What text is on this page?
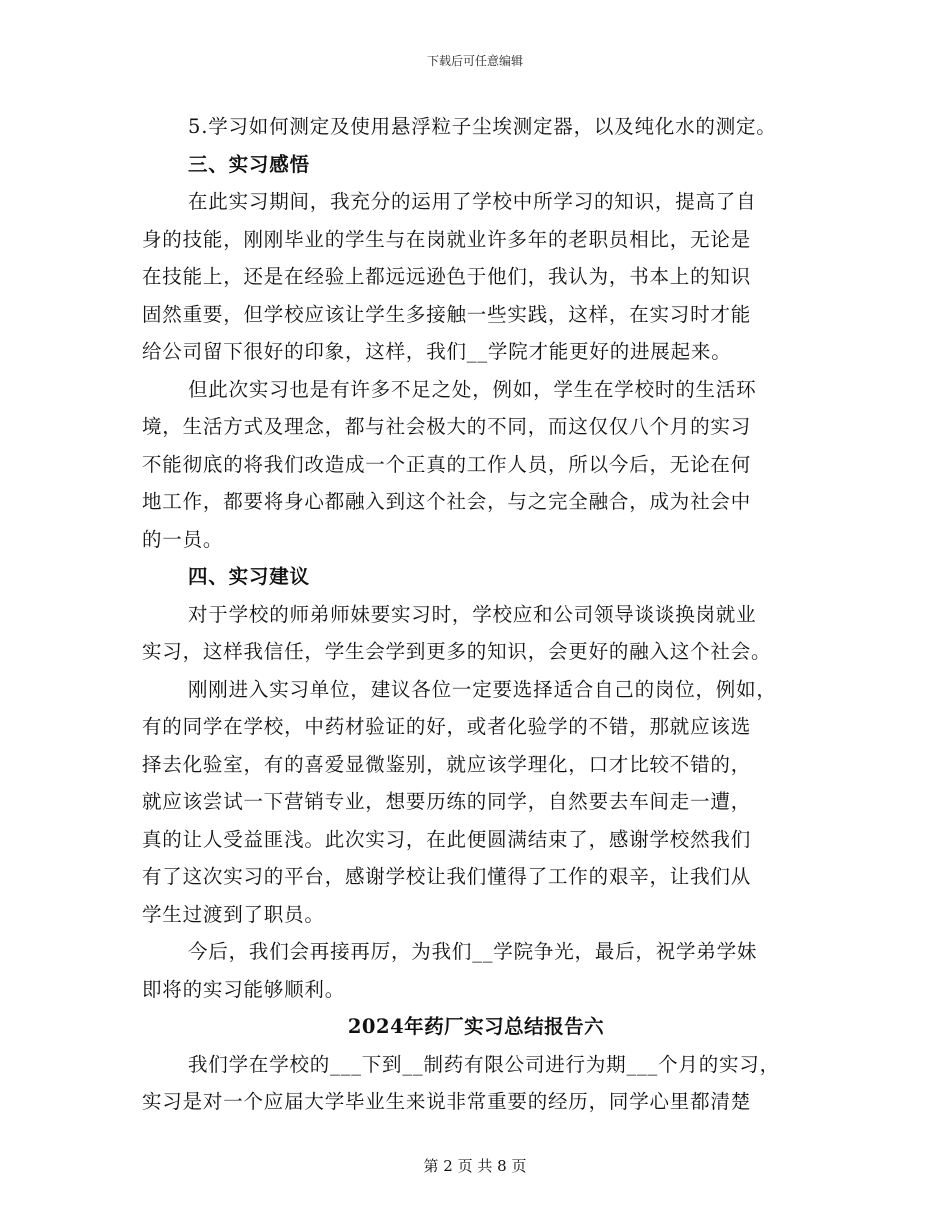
下载后可任意编辑
5.学习如何测定及使用悬浮粒子尘埃测定器，以及纯化水的测定。
三、实习感悟
在此实习期间，我充分的运用了学校中所学习的知识，提高了自
身的技能，刚刚毕业的学生与在岗就业许多年的老职员相比，无论是
在技能上，还是在经验上都远远逊色于他们，我认为，书本上的知识
固然重要，但学校应该让学生多接触一些实践，这样，在实习时才能
给公司留下很好的印象，这样，我们__学院才能更好的进展起来。
但此次实习也是有许多不足之处，例如，学生在学校时的生活环
境，生活方式及理念，都与社会极大的不同，而这仅仅八个月的实习
不能彻底的将我们改造成一个正真的工作人员，所以今后，无论在何
地工作，都要将身心都融入到这个社会，与之完全融合，成为社会中
的一员。
四、实习建议
对于学校的师弟师妹要实习时，学校应和公司领导谈谈换岗就业
实习，这样我信任，学生会学到更多的知识，会更好的融入这个社会。
刚刚进入实习单位，建议各位一定要选择适合自己的岗位，例如，
有的同学在学校，中药材验证的好，或者化验学的不错，那就应该选
择去化验室，有的喜爱显微鉴别，就应该学理化，口才比较不错的，
就应该尝试一下营销专业，想要历练的同学，自然要去车间走一遭，
真的让人受益匪浅。此次实习，在此便圆满结束了，感谢学校然我们
有了这次实习的平台，感谢学校让我们懂得了工作的艰辛，让我们从
学生过渡到了职员。
今后，我们会再接再厉，为我们__学院争光，最后，祝学弟学妹
即将的实习能够顺利。
2024年药厂实习总结报告六
我们学在学校的___下到__制药有限公司进行为期___个月的实习，
实习是对一个应届大学毕业生来说非常重要的经历，同学心里都清楚
第 2 页 共 8 页
